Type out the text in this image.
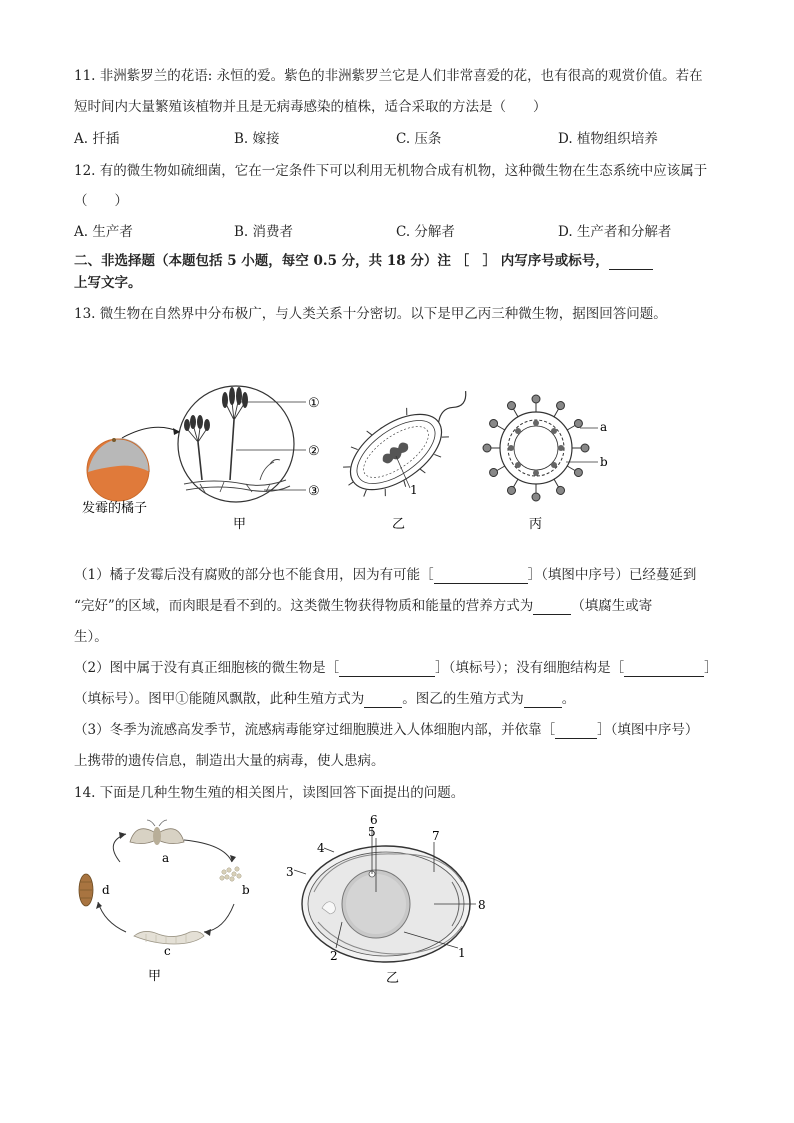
11. 非洲紫罗兰的花语: 永恒的爱。紫色的非洲紫罗兰它是人们非常喜爱的花，也有很高的观赏价值。若在
短时间内大量繁殖该植物并且是无病毒感染的植株，适合采取的方法是（　　）
A. 扦插	B. 嫁接	C. 压条	D. 植物组织培养
12. 有的微生物如硫细菌，它在一定条件下可以利用无机物合成有机物，这种微生物在生态系统中应该属于
（　　）
A. 生产者	B. 消费者	C. 分解者	D. 生产者和分解者
二、非选择题（本题包括 5 小题，每空 0.5 分，共 18 分）注 ［　］ 内写序号或标号，
上写文字。
13. 微生物在自然界中分布极广，与人类关系十分密切。以下是甲乙丙三种微生物，据图回答问题。
发霉的橘子
①
②
③
甲
1
乙
a
b
丙
（1）橘子发霉后没有腐败的部分也不能食用，因为有可能［	］（填图中序号）已经蔓延到
“完好”的区域，而肉眼是看不到的。这类微生物获得物质和能量的营养方式为	（填腐生或寄
生）。
（2）图中属于没有真正细胞核的微生物是［	］（填标号）；没有细胞结构是［	］
（填标号）。图甲①能随风飘散，此种生殖方式为	。图乙的生殖方式为	。
（3）冬季为流感高发季节，流感病毒能穿过细胞膜进入人体细胞内部，并依靠［	］（填图中序号）
上携带的遗传信息，制造出大量的病毒，使人患病。
14. 下面是几种生物生殖的相关图片，读图回答下面提出的问题。
a
b
c
d
甲
6
5	7
4
3
8
2	1
乙
